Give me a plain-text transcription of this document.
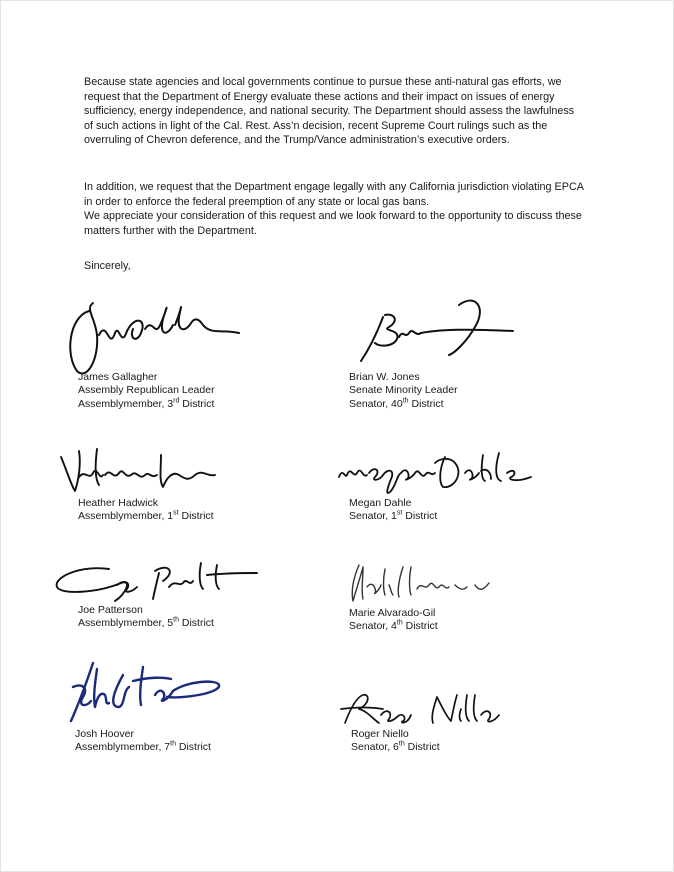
Because state agencies and local governments continue to pursue these anti-natural gas efforts, we request that the Department of Energy evaluate these actions and their impact on issues of energy sufficiency, energy independence, and national security. The Department should assess the lawfulness of such actions in light of the Cal. Rest. Ass’n decision, recent Supreme Court rulings such as the overruling of Chevron deference, and the Trump/Vance administration’s executive orders.

In addition, we request that the Department engage legally with any California jurisdiction violating EPCA in order to enforce the federal preemption of any state or local gas bans.
We appreciate your consideration of this request and we look forward to the opportunity to discuss these matters further with the Department.

Sincerely,

James Gallagher
Assembly Republican Leader
Assemblymember, 3rd District
Brian W. Jones
Senate Minority Leader
Senator, 40th District
Heather Hadwick
Assemblymember, 1st District
Megan Dahle
Senator, 1st District
Joe Patterson
Assemblymember, 5th District
Marie Alvarado-Gil
Senator, 4th District
Josh Hoover
Assemblymember, 7th District
Roger Niello
Senator, 6th District
